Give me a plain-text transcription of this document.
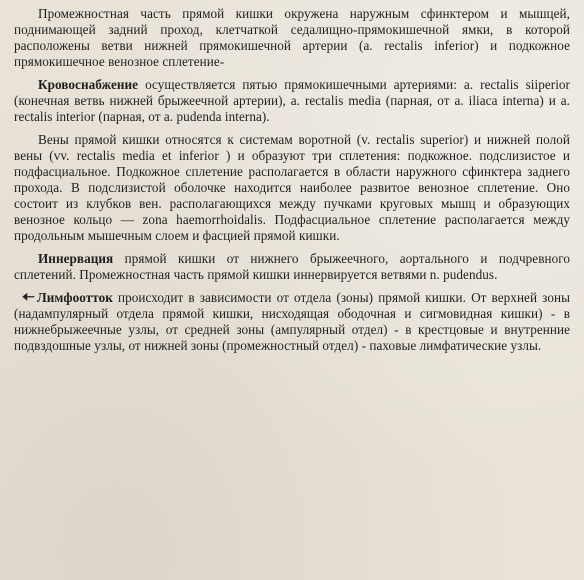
Промежностная часть прямой кишки окружена наружным сфинктером и мышцей, поднимающей задний проход, клетчаткой седалищно-прямокишечной ямки, в которой расположены ветви нижней прямокишечной артерии (a. rectalis inferior) и подкожное прямокишечное венозное сплетение-

Кровоснабжение осуществляется пятью прямокишечными артериями: a. rectalis siiperior (конечная ветвь нижней брыжеечной артерии), a. rectalis media (парная, от a. iliaca interna) и a. rectalis interior (парная, от a. pudenda interna).

Вены прямой кишки относятся к системам воротной (v. rectalis superior) и нижней полой вены (vv. rectalis media et inferior ) и образуют три сплетения: подкожное. подслизистое и подфасциальное. Подкожное сплетение располагается в области наружного сфинктера заднего прохода. В подслизистой оболочке находится наиболее развитое венозное сплетение. Оно состоит из клубков вен. располагающихся между пучками круговых мышц и образующих венозное кольцо — zona haemorrhoidalis. Подфасциальное сплетение располагается между продольным мышечным слоем и фасцией прямой кишки.

Иннервация прямой кишки от нижнего брыжеечного, аортального и подчревного сплетений. Промежностная часть прямой кишки иннервируется ветвями n. pudendus.

🠠 Лимфоотток происходит в зависимости от отдела (зоны) прямой кишки. От верхней зоны (надампулярный отдела прямой кишки, нисходящая ободочная и сигмовидная кишки) - в нижнебрыжеечные узлы, от средней зоны (ампулярный отдел) - в крестцовые и внутренние подвздошные узлы, от нижней зоны (промежностный отдел) - паховые лимфатические узлы.
